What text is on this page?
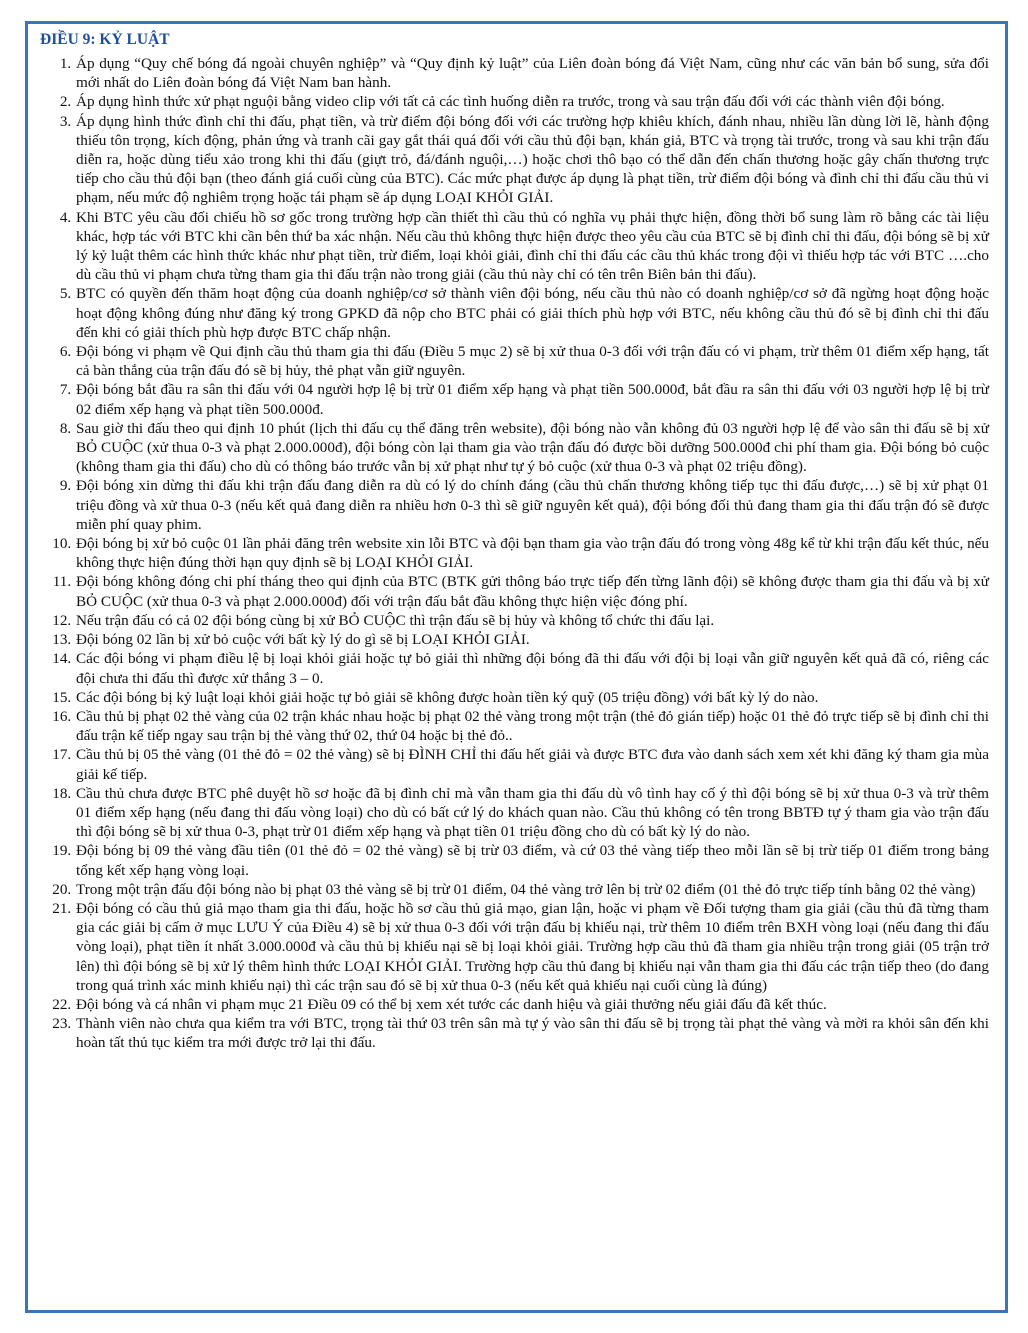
ĐIỀU 9: KỶ LUẬT
1. Áp dụng “Quy chế bóng đá ngoài chuyên nghiệp” và “Quy định kỷ luật” của Liên đoàn bóng đá Việt Nam, cũng như các văn bản bổ sung, sửa đổi mới nhất do Liên đoàn bóng đá Việt Nam ban hành.
2. Áp dụng hình thức xử phạt nguội bằng video clip với tất cả các tình huống diễn ra trước, trong và sau trận đấu đối với các thành viên đội bóng.
3. Áp dụng hình thức đình chỉ thi đấu, phạt tiền, và trừ điểm đội bóng đối với các trường hợp khiêu khích, đánh nhau, nhiều lần dùng lời lẽ, hành động thiếu tôn trọng, kích động, phản ứng và tranh cãi gay gắt thái quá đối với cầu thủ đội bạn, khán giả, BTC và trọng tài trước, trong và sau khi trận đấu diễn ra, hoặc dùng tiểu xảo trong khi thi đấu (giựt trỏ, đá/đánh nguội,…) hoặc chơi thô bạo có thể dẫn đến chấn thương hoặc gây chấn thương trực tiếp cho cầu thủ đội bạn (theo đánh giá cuối cùng của BTC). Các mức phạt được áp dụng là phạt tiền, trừ điểm đội bóng và đình chỉ thi đấu cầu thủ vi phạm, nếu mức độ nghiêm trọng hoặc tái phạm sẽ áp dụng LOẠI KHỎI GIẢI.
4. Khi BTC yêu cầu đối chiếu hồ sơ gốc trong trường hợp cần thiết thì cầu thủ có nghĩa vụ phải thực hiện, đồng thời bổ sung làm rõ bằng các tài liệu khác, hợp tác với BTC khi cần bên thứ ba xác nhận. Nếu cầu thủ không thực hiện được theo yêu cầu của BTC sẽ bị đình chỉ thi đấu, đội bóng sẽ bị xử lý kỷ luật thêm các hình thức khác như phạt tiền, trừ điểm, loại khỏi giải, đình chỉ thi đấu các cầu thủ khác trong đội vì thiếu hợp tác với BTC ….cho dù cầu thủ vi phạm chưa từng tham gia thi đấu trận nào trong giải (cầu thủ này chỉ có tên trên Biên bản thi đấu).
5. BTC có quyền đến thăm hoạt động của doanh nghiệp/cơ sở thành viên đội bóng, nếu cầu thủ nào có doanh nghiệp/cơ sở đã ngừng hoạt động hoặc hoạt động không đúng như đăng ký trong GPKD đã nộp cho BTC phải có giải thích phù hợp với BTC, nếu không cầu thủ đó sẽ bị đình chỉ thi đấu đến khi có giải thích phù hợp được BTC chấp nhận.
6. Đội bóng vi phạm về Qui định cầu thủ tham gia thi đấu (Điều 5 mục 2) sẽ bị xử thua 0-3 đối với trận đấu có vi phạm, trừ thêm 01 điểm xếp hạng, tất cả bàn thắng của trận đấu đó sẽ bị hủy, thẻ phạt vẫn giữ nguyên.
7. Đội bóng bắt đầu ra sân thi đấu với 04 người hợp lệ bị trừ 01 điểm xếp hạng và phạt tiền 500.000đ, bắt đầu ra sân thi đấu với 03 người hợp lệ bị trừ 02 điểm xếp hạng và phạt tiền 500.000đ.
8. Sau giờ thi đấu theo qui định 10 phút (lịch thi đấu cụ thể đăng trên website), đội bóng nào vẫn không đủ 03 người hợp lệ để vào sân thi đấu sẽ bị xử BỎ CUỘC (xử thua 0-3 và phạt 2.000.000đ), đội bóng còn lại tham gia vào trận đấu đó được bồi dưỡng 500.000đ chi phí tham gia. Đội bóng bỏ cuộc (không tham gia thi đấu) cho dù có thông báo trước vẫn bị xử phạt như tự ý bỏ cuộc (xử thua 0-3 và phạt 02 triệu đồng).
9. Đội bóng xin dừng thi đấu khi trận đấu đang diễn ra dù có lý do chính đáng (cầu thủ chấn thương không tiếp tục thi đấu được,…) sẽ bị xử phạt 01 triệu đồng và xử thua 0-3 (nếu kết quả đang diễn ra nhiều hơn 0-3 thì sẽ giữ nguyên kết quả), đội bóng đối thủ đang tham gia thi đấu trận đó sẽ được miễn phí quay phim.
10. Đội bóng bị xử bỏ cuộc 01 lần phải đăng trên website xin lỗi BTC và đội bạn tham gia vào trận đấu đó trong vòng 48g kể từ khi trận đấu kết thúc, nếu không thực hiện đúng thời hạn quy định sẽ bị LOẠI KHỎI GIẢI.
11. Đội bóng không đóng chi phí tháng theo qui định của BTC (BTK gửi thông báo trực tiếp đến từng lãnh đội) sẽ không được tham gia thi đấu và bị xử BỎ CUỘC (xử thua 0-3 và phạt 2.000.000đ) đối với trận đấu bắt đầu không thực hiện việc đóng phí.
12. Nếu trận đấu có cả 02 đội bóng cùng bị xử BỎ CUỘC thì trận đấu sẽ bị hủy và không tổ chức thi đấu lại.
13. Đội bóng 02 lần bị xử bỏ cuộc với bất kỳ lý do gì sẽ bị LOẠI KHỎI GIẢI.
14. Các đội bóng vi phạm điều lệ bị loại khỏi giải hoặc tự bỏ giải thì những đội bóng đã thi đấu với đội bị loại vẫn giữ nguyên kết quả đã có, riêng các đội chưa thi đấu thì được xử thắng 3 – 0.
15. Các đội bóng bị kỷ luật loại khỏi giải hoặc tự bỏ giải sẽ không được hoàn tiền ký quỹ (05 triệu đồng) với bất kỳ lý do nào.
16. Cầu thủ bị phạt 02 thẻ vàng của 02 trận khác nhau hoặc bị phạt 02 thẻ vàng trong một trận (thẻ đỏ gián tiếp) hoặc 01 thẻ đỏ trực tiếp sẽ bị đình chỉ thi đấu trận kế tiếp ngay sau trận bị thẻ vàng thứ 02, thứ 04 hoặc bị thẻ đỏ..
17. Cầu thủ bị 05 thẻ vàng (01 thẻ đỏ = 02 thẻ vàng) sẽ bị ĐÌNH CHỈ thi đấu hết giải và được BTC đưa vào danh sách xem xét khi đăng ký tham gia mùa giải kế tiếp.
18. Cầu thủ chưa được BTC phê duyệt hồ sơ hoặc đã bị đình chỉ mà vẫn tham gia thi đấu dù vô tình hay cố ý thì đội bóng sẽ bị xử thua 0-3 và trừ thêm 01 điểm xếp hạng (nếu đang thi đấu vòng loại) cho dù có bất cứ lý do khách quan nào. Cầu thủ không có tên trong BBTĐ tự ý tham gia vào trận đấu thì đội bóng sẽ bị xử thua 0-3, phạt trừ 01 điểm xếp hạng và phạt tiền 01 triệu đồng cho dù có bất kỳ lý do nào.
19. Đội bóng bị 09 thẻ vàng đầu tiên (01 thẻ đỏ = 02 thẻ vàng) sẽ bị trừ 03 điểm, và cứ 03 thẻ vàng tiếp theo mỗi lần sẽ bị trừ tiếp 01 điểm trong bảng tổng kết xếp hạng vòng loại.
20. Trong một trận đấu đội bóng nào bị phạt 03 thẻ vàng sẽ bị trừ 01 điểm, 04 thẻ vàng trở lên bị trừ 02 điểm (01 thẻ đỏ trực tiếp tính bằng 02 thẻ vàng)
21. Đội bóng có cầu thủ giả mạo tham gia thi đấu, hoặc hồ sơ cầu thủ giả mạo, gian lận, hoặc vi phạm về Đối tượng tham gia giải (cầu thủ đã từng tham gia các giải bị cấm ở mục LƯU Ý của Điều 4) sẽ bị xử thua 0-3 đối với trận đấu bị khiếu nại, trừ thêm 10 điểm trên BXH vòng loại (nếu đang thi đấu vòng loại), phạt tiền ít nhất 3.000.000đ và cầu thủ bị khiếu nại sẽ bị loại khỏi giải. Trường hợp cầu thủ đã tham gia nhiều trận trong giải (05 trận trở lên) thì đội bóng sẽ bị xử lý thêm hình thức LOẠI KHỎI GIẢI. Trường hợp cầu thủ đang bị khiếu nại vẫn tham gia thi đấu các trận tiếp theo (do đang trong quá trình xác minh khiếu nại) thì các trận sau đó sẽ bị xử thua 0-3 (nếu kết quả khiếu nại cuối cùng là đúng)
22. Đội bóng và cá nhân vi phạm mục 21 Điều 09 có thể bị xem xét tước các danh hiệu và giải thưởng nếu giải đấu đã kết thúc.
23. Thành viên nào chưa qua kiểm tra với BTC, trọng tài thứ 03 trên sân mà tự ý vào sân thi đấu sẽ bị trọng tài phạt thẻ vàng và mời ra khỏi sân đến khi hoàn tất thủ tục kiểm tra mới được trở lại thi đấu.
